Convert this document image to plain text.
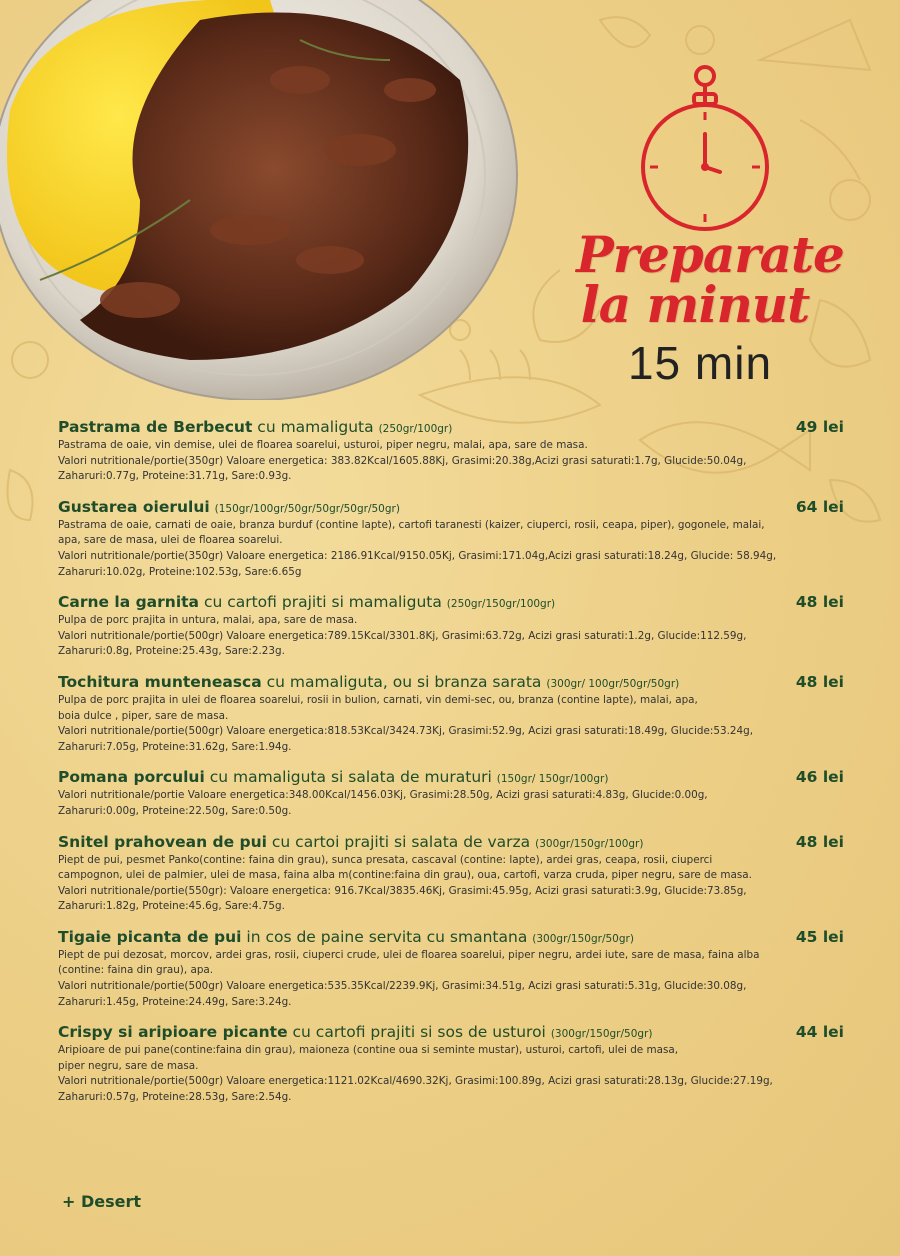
Preparate
la minut
15 min
Pastrama de Berbecut cu mamaliguta (250gr/100gr)	49 lei
Pastrama de oaie, vin demise, ulei de floarea soarelui, usturoi, piper negru, malai, apa, sare de masa.
Valori nutritionale/portie(350gr) Valoare energetica: 383.82Kcal/1605.88Kj, Grasimi:20.38g,Acizi grasi saturati:1.7g, Glucide:50.04g,
Zaharuri:0.77g, Proteine:31.71g, Sare:0.93g.
Gustarea oierului (150gr/100gr/50gr/50gr/50gr/50gr)	64 lei
Pastrama de oaie, carnati de oaie, branza burduf (contine lapte), cartofi taranesti (kaizer, ciuperci, rosii, ceapa, piper), gogonele, malai,
apa, sare de masa, ulei de floarea soarelui.
Valori nutritionale/portie(350gr) Valoare energetica: 2186.91Kcal/9150.05Kj, Grasimi:171.04g,Acizi grasi saturati:18.24g, Glucide: 58.94g,
Zaharuri:10.02g, Proteine:102.53g, Sare:6.65g
Carne la garnita cu cartofi prajiti si mamaliguta (250gr/150gr/100gr)	48 lei
Pulpa de porc prajita in untura, malai, apa, sare de masa.
Valori nutritionale/portie(500gr) Valoare energetica:789.15Kcal/3301.8Kj, Grasimi:63.72g, Acizi grasi saturati:1.2g, Glucide:112.59g,
Zaharuri:0.8g, Proteine:25.43g, Sare:2.23g.
Tochitura munteneasca cu mamaliguta, ou si branza sarata (300gr/ 100gr/50gr/50gr)	48 lei
Pulpa de porc prajita in ulei de floarea soarelui, rosii in bulion, carnati, vin demi-sec, ou, branza (contine lapte), malai, apa,
boia dulce , piper, sare de masa.
Valori nutritionale/portie(500gr) Valoare energetica:818.53Kcal/3424.73Kj, Grasimi:52.9g, Acizi grasi saturati:18.49g, Glucide:53.24g,
Zaharuri:7.05g, Proteine:31.62g, Sare:1.94g.
Pomana porcului cu mamaliguta si salata de muraturi (150gr/ 150gr/100gr)	46 lei
Valori nutritionale/portie Valoare energetica:348.00Kcal/1456.03Kj, Grasimi:28.50g, Acizi grasi saturati:4.83g, Glucide:0.00g,
Zaharuri:0.00g, Proteine:22.50g, Sare:0.50g.
Snitel prahovean de pui cu cartoi prajiti si salata de varza (300gr/150gr/100gr)	48 lei
Piept de pui, pesmet Panko(contine: faina din grau), sunca presata, cascaval (contine: lapte), ardei gras, ceapa, rosii, ciuperci
campognon, ulei de palmier, ulei de masa, faina alba m(contine:faina din grau), oua, cartofi, varza cruda, piper negru, sare de masa.
Valori nutritionale/portie(550gr): Valoare energetica: 916.7Kcal/3835.46Kj, Grasimi:45.95g, Acizi grasi saturati:3.9g, Glucide:73.85g,
Zaharuri:1.82g, Proteine:45.6g, Sare:4.75g.
Tigaie picanta de pui in cos de paine servita cu smantana (300gr/150gr/50gr)	45 lei
Piept de pui dezosat, morcov, ardei gras, rosii, ciuperci crude, ulei de floarea soarelui, piper negru, ardei iute, sare de masa, faina alba
(contine: faina din grau), apa.
Valori nutritionale/portie(500gr) Valoare energetica:535.35Kcal/2239.9Kj, Grasimi:34.51g, Acizi grasi saturati:5.31g, Glucide:30.08g,
Zaharuri:1.45g, Proteine:24.49g, Sare:3.24g.
Crispy si aripioare picante cu cartofi prajiti si sos de usturoi (300gr/150gr/50gr)	44 lei
Aripioare de pui pane(contine:faina din grau), maioneza (contine oua si seminte mustar), usturoi, cartofi, ulei de masa,
piper negru, sare de masa.
Valori nutritionale/portie(500gr) Valoare energetica:1121.02Kcal/4690.32Kj, Grasimi:100.89g, Acizi grasi saturati:28.13g, Glucide:27.19g,
Zaharuri:0.57g, Proteine:28.53g, Sare:2.54g.
+ Desert
